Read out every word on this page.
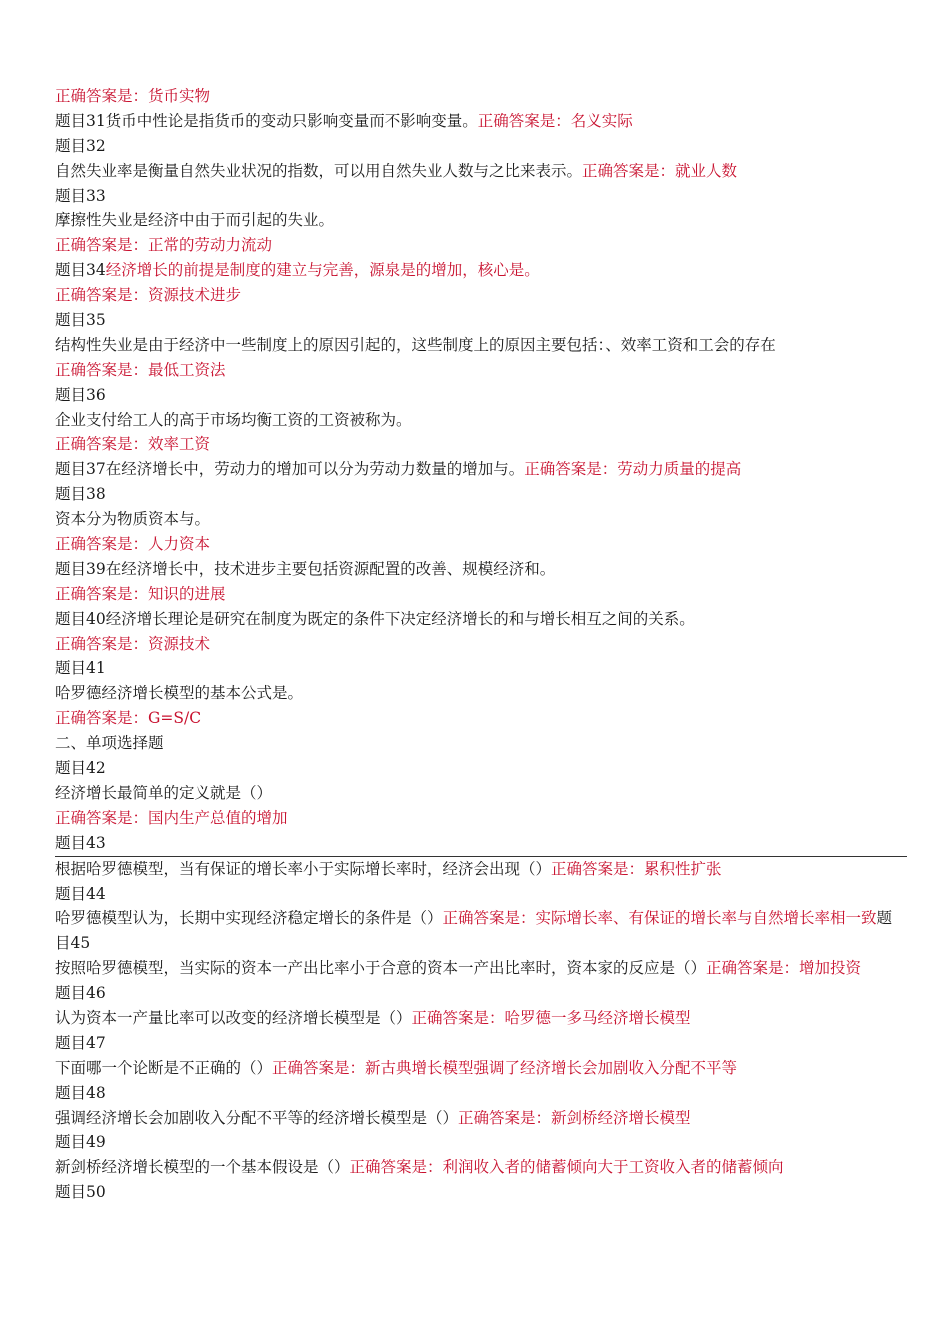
正确答案是：货币实物
题目31货币中性论是指货币的变动只影响变量而不影响变量。正确答案是：名义实际
题目32
自然失业率是衡量自然失业状况的指数，可以用自然失业人数与之比来表示。正确答案是：就业人数
题目33
摩擦性失业是经济中由于而引起的失业。
正确答案是：正常的劳动力流动
题目34经济增长的前提是制度的建立与完善，源泉是的增加，核心是。
正确答案是：资源技术进步
题目35
结构性失业是由于经济中一些制度上的原因引起的，这些制度上的原因主要包括：、效率工资和工会的存在
正确答案是：最低工资法
题目36
企业支付给工人的高于市场均衡工资的工资被称为。
正确答案是：效率工资
题目37在经济增长中，劳动力的增加可以分为劳动力数量的增加与。正确答案是：劳动力质量的提高
题目38
资本分为物质资本与。
正确答案是：人力资本
题目39在经济增长中，技术进步主要包括资源配置的改善、规模经济和。
正确答案是：知识的进展
题目40经济增长理论是研究在制度为既定的条件下决定经济增长的和与增长相互之间的关系。
正确答案是：资源技术
题目41
哈罗德经济增长模型的基本公式是。
正确答案是：G=S/C
二、单项选择题
题目42
经济增长最简单的定义就是（）
正确答案是：国内生产总值的增加
题目43
根据哈罗德模型，当有保证的增长率小于实际增长率时，经济会出现（）正确答案是：累积性扩张
题目44
哈罗德模型认为，长期中实现经济稳定增长的条件是（）正确答案是：实际增长率、有保证的增长率与自然增长率相一致题目45
按照哈罗德模型，当实际的资本一产出比率小于合意的资本一产出比率时，资本家的反应是（）正确答案是：增加投资
题目46
认为资本一产量比率可以改变的经济增长模型是（）正确答案是：哈罗德一多马经济增长模型
题目47
下面哪一个论断是不正确的（）正确答案是：新古典增长模型强调了经济增长会加剧收入分配不平等
题目48
强调经济增长会加剧收入分配不平等的经济增长模型是（）正确答案是：新剑桥经济增长模型
题目49
新剑桥经济增长模型的一个基本假设是（）正确答案是：利润收入者的储蓄倾向大于工资收入者的储蓄倾向
题目50
